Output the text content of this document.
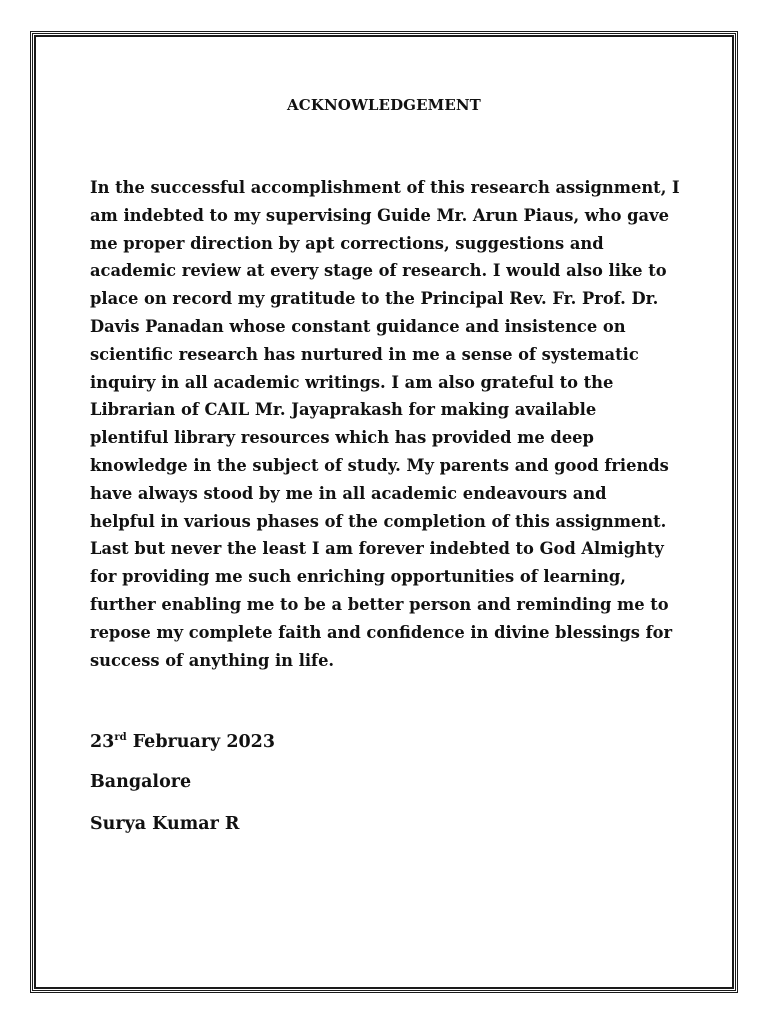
ACKNOWLEDGEMENT
In the successful accomplishment of this research assignment, I
am indebted to my supervising Guide Mr. Arun Piaus, who gave
me proper direction by apt corrections, suggestions and
academic review at every stage of research. I would also like to
place on record my gratitude to the Principal Rev. Fr. Prof. Dr.
Davis Panadan whose constant guidance and insistence on
scientific research has nurtured in me a sense of systematic
inquiry in all academic writings. I am also grateful to the
Librarian of CAIL Mr. Jayaprakash for making available
plentiful library resources which has provided me deep
knowledge in the subject of study. My parents and good friends
have always stood by me in all academic endeavours and
helpful in various phases of the completion of this assignment.
Last but never the least I am forever indebted to God Almighty
for providing me such enriching opportunities of learning,
further enabling me to be a better person and reminding me to
repose my complete faith and confidence in divine blessings for
success of anything in life.
23rd February 2023
Bangalore
Surya Kumar R
